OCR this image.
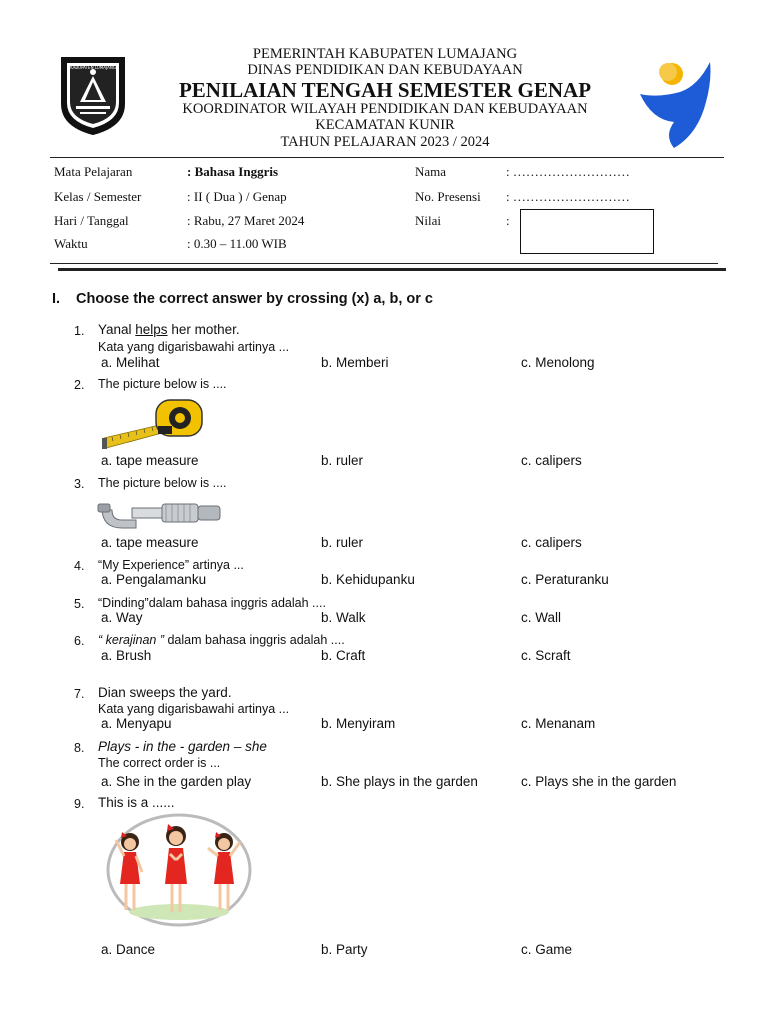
KABUPATEN LUMAJANG
PEMERINTAH KABUPATEN LUMAJANG
DINAS PENDIDIKAN DAN KEBUDAYAAN
PENILAIAN TENGAH SEMESTER GENAP
KOORDINATOR WILAYAH PENDIDIKAN DAN KEBUDAYAAN
KECAMATAN KUNIR
TAHUN PELAJARAN 2023 / 2024
Mata Pelajaran	: Bahasa Inggris
Kelas / Semester	: II ( Dua ) / Genap
Hari / Tanggal	: Rabu, 27 Maret 2024
Waktu	: 0.30 – 11.00 WIB
Nama	: ………………………
No. Presensi : ………………………
Nilai	:
I. Choose the correct answer by crossing (x) a, b, or c
1. Yanal helps her mother.
Kata yang digarisbawahi artinya ...
a. Melihat	b. Memberi	c. Menolong
2. The picture below is ....
a. tape measure	b. ruler	c. calipers
3. The picture below is ....
a. tape measure	b. ruler	c. calipers
4. “My Experience” artinya ...
a. Pengalamanku	b. Kehidupanku	c. Peraturanku
5. “Dinding”dalam bahasa inggris adalah ....
a. Way	b. Walk	c. Wall
6. “ kerajinan ” dalam bahasa inggris adalah ....
a. Brush	b. Craft	c. Scraft
7. Dian sweeps the yard.
Kata yang digarisbawahi artinya ...
a. Menyapu	b. Menyiram	c. Menanam
8. Plays - in the - garden – she
The correct order is ...
a. She in the garden play	b. She plays in the garden	c. Plays she in the garden
9. This is a ......
a. Dance	b. Party	c. Game
